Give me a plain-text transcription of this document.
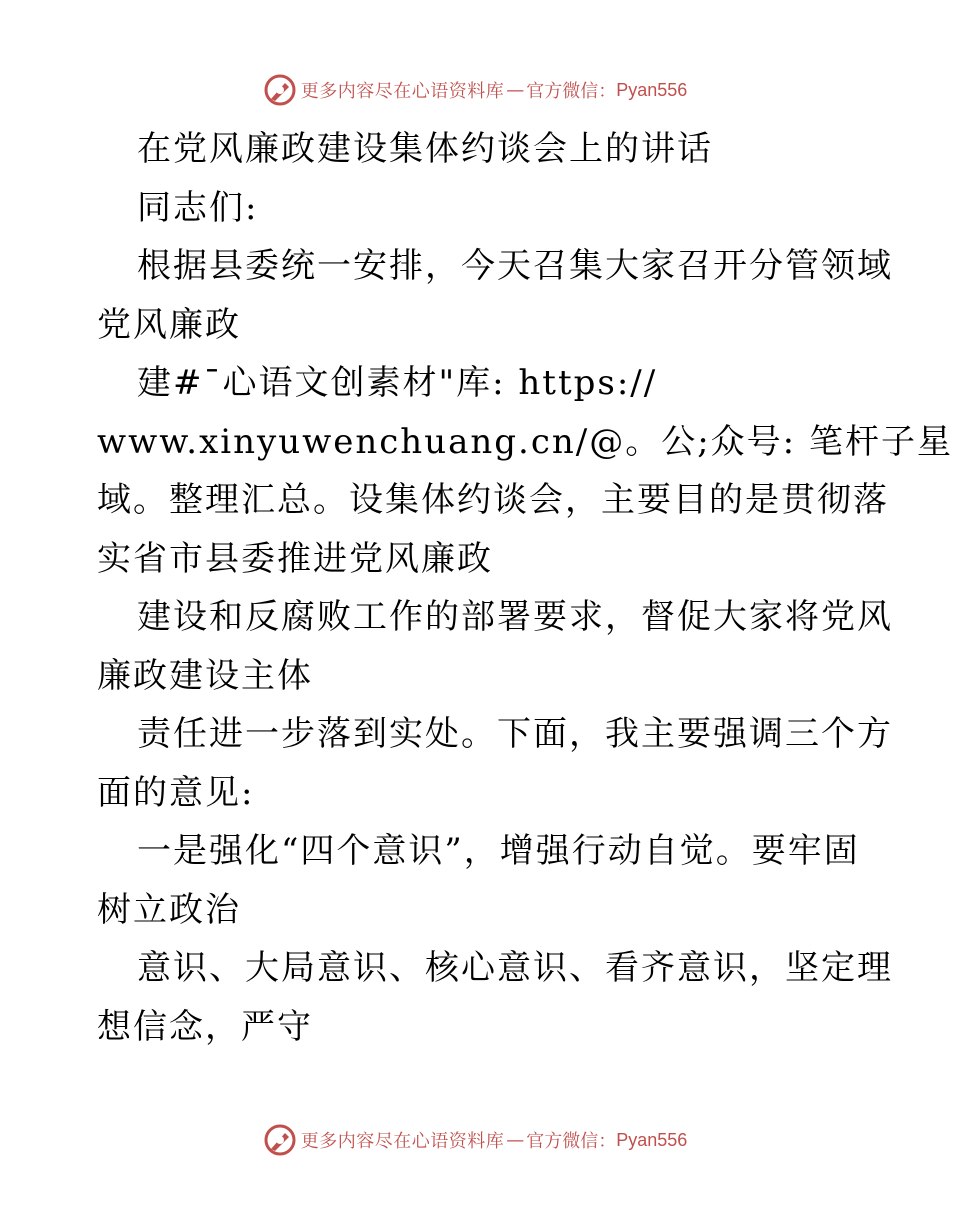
更多内容尽在心语资料库 — 官方微信： Pyan556
在党风廉政建设集体约谈会上的讲话
同志们:
根据县委统一安排，今天召集大家召开分管领域
党风廉政
建#¯心语文创素材"库: https://
www.xinyuwenchuang.cn/@。公;众号: 笔杆子星
域。整理汇总。设集体约谈会，主要目的是贯彻落
实省市县委推进党风廉政
建设和反腐败工作的部署要求，督促大家将党风
廉政建设主体
责任进一步落到实处。下面，我主要强调三个方
面的意见:
一是强化“四个意识”，增强行动自觉。要牢固
树立政治
意识、大局意识、核心意识、看齐意识，坚定理
想信念，严守
更多内容尽在心语资料库 — 官方微信： Pyan556
